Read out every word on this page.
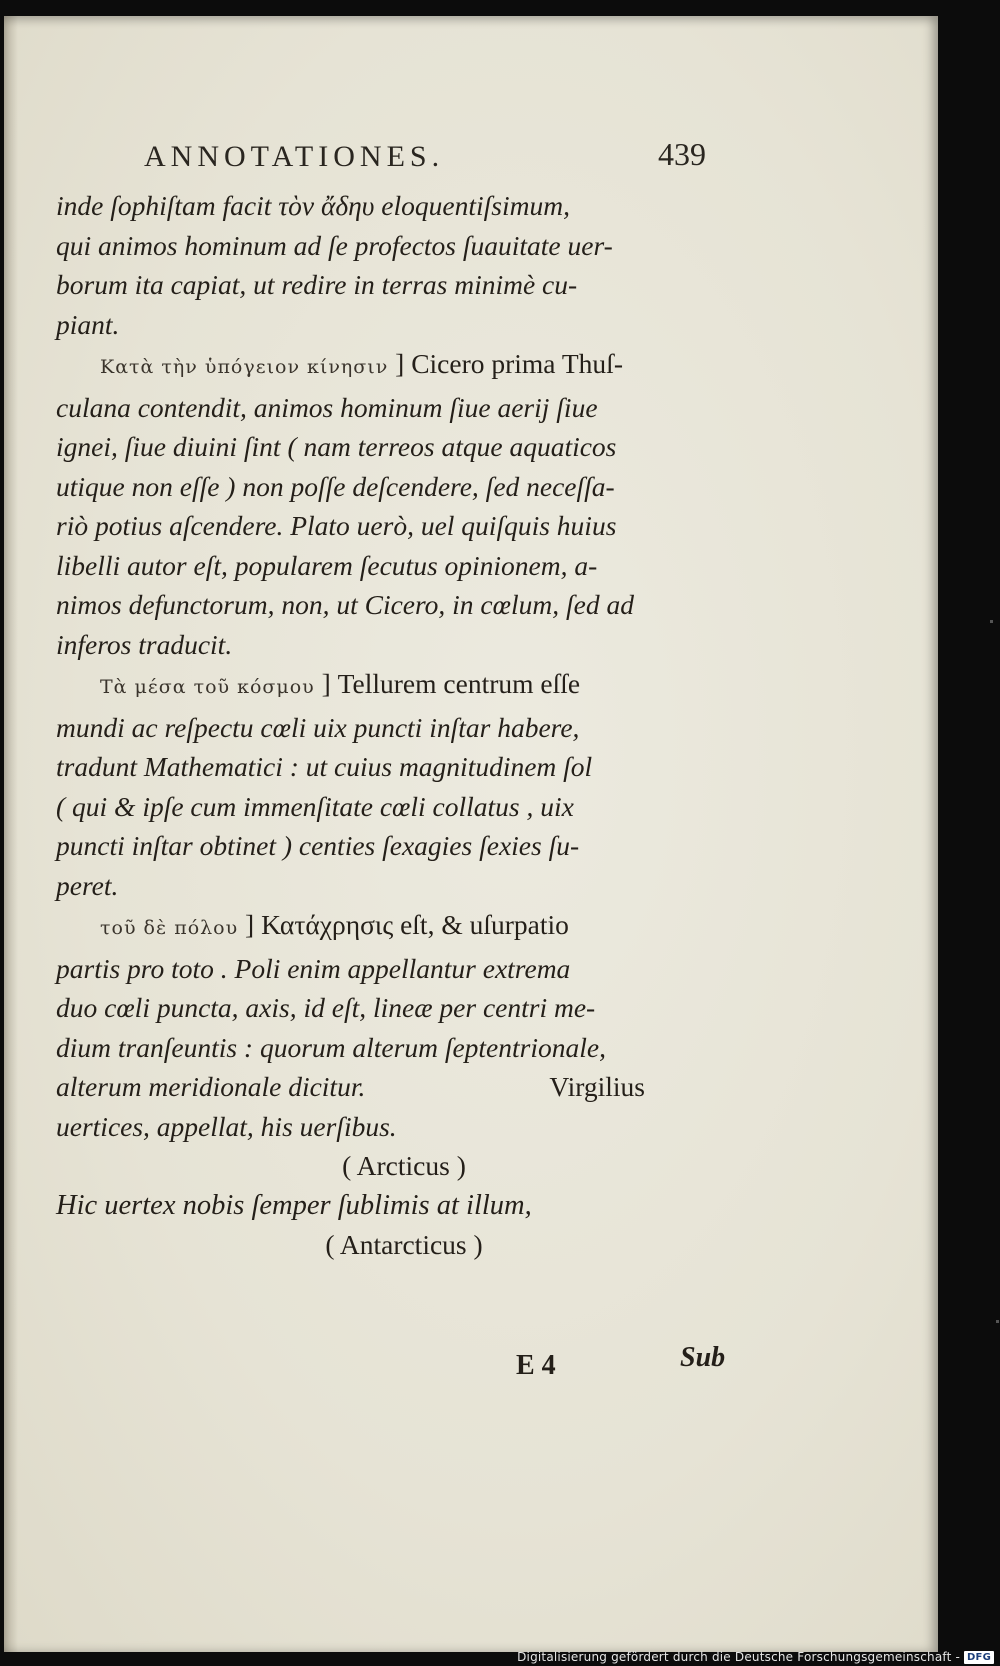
ANNOTATIONES.	439

inde ſophiſtam facit τὸν ἄδηυ eloquentiſsimum,
qui animos hominum ad ſe profectos ſuauitate uer-
borum ita capiat, ut redire in terras minimè cu-
piant.

Κατὰ τὴν ὑπόγειον κίνησιν ] Cicero prima Thuſ-
culana contendit, animos hominum ſiue aerij ſiue
ignei, ſiue diuini ſint ( nam terreos atque aquaticos
utique non eſſe ) non poſſe deſcendere, ſed neceſſa-
riò potius aſcendere. Plato uerò, uel quiſquis huius
libelli autor eſt, popularem ſecutus opinionem, a-
nimos defunctorum, non, ut Cicero, in cœlum, ſed ad
inferos traducit.

Τὰ μέσα τοῦ κόσμου ] Tellurem centrum eſſe
mundi ac reſpectu cœli uix puncti inſtar habere,
tradunt Mathematici : ut cuius magnitudinem ſol
( qui & ipſe cum immenſitate cœli collatus , uix
puncti inſtar obtinet ) centies ſexagies ſexies ſu-
peret.

τοῦ δὲ πόλου ] Κατάχρησις eſt, & uſurpatio
partis pro toto . Poli enim appellantur extrema
duo cœli puncta, axis, id eſt, lineæ per centri me-
dium tranſeuntis : quorum alterum ſeptentrionale,
alterum meridionale dicitur.	Virgilius
uertices, appellat, his uerſibus.

( Arcticus )
Hic uertex nobis ſemper ſublimis at illum,
( Antarcticus )

E 4	Sub
Digitalisierung gefördert durch die Deutsche Forschungsgemeinschaft - DFG
